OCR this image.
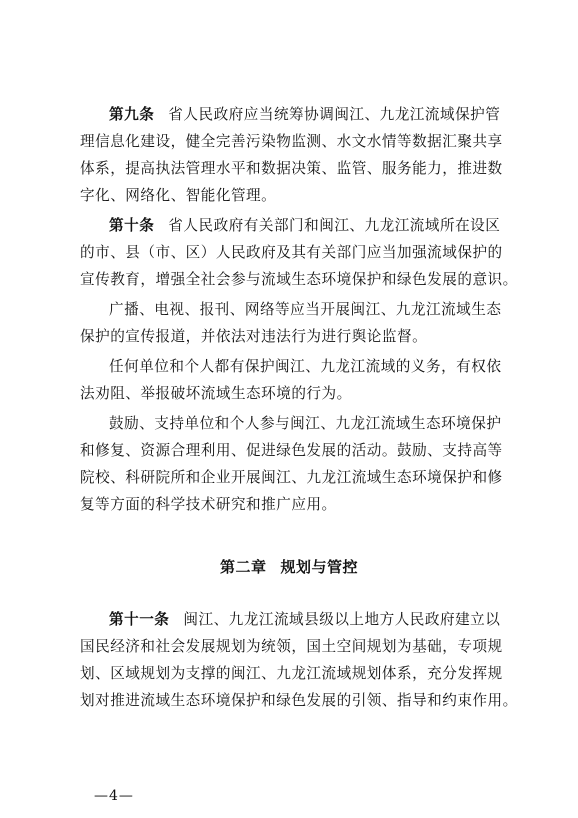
第九条 省人民政府应当统筹协调闽江、九龙江流域保护管
理信息化建设，健全完善污染物监测、水文水情等数据汇聚共享
体系，提高执法管理水平和数据决策、监管、服务能力，推进数
字化、网络化、智能化管理。
第十条 省人民政府有关部门和闽江、九龙江流域所在设区
的市、县（市、区）人民政府及其有关部门应当加强流域保护的
宣传教育，增强全社会参与流域生态环境保护和绿色发展的意识。
广播、电视、报刊、网络等应当开展闽江、九龙江流域生态
保护的宣传报道，并依法对违法行为进行舆论监督。
任何单位和个人都有保护闽江、九龙江流域的义务，有权依
法劝阻、举报破坏流域生态环境的行为。
鼓励、支持单位和个人参与闽江、九龙江流域生态环境保护
和修复、资源合理利用、促进绿色发展的活动。鼓励、支持高等
院校、科研院所和企业开展闽江、九龙江流域生态环境保护和修
复等方面的科学技术研究和推广应用。
第十一条 闽江、九龙江流域县级以上地方人民政府建立以
国民经济和社会发展规划为统领，国土空间规划为基础，专项规
划、区域规划为支撑的闽江、九龙江流域规划体系，充分发挥规
划对推进流域生态环境保护和绿色发展的引领、指导和约束作用。
第二章 规划与管控
—4—
